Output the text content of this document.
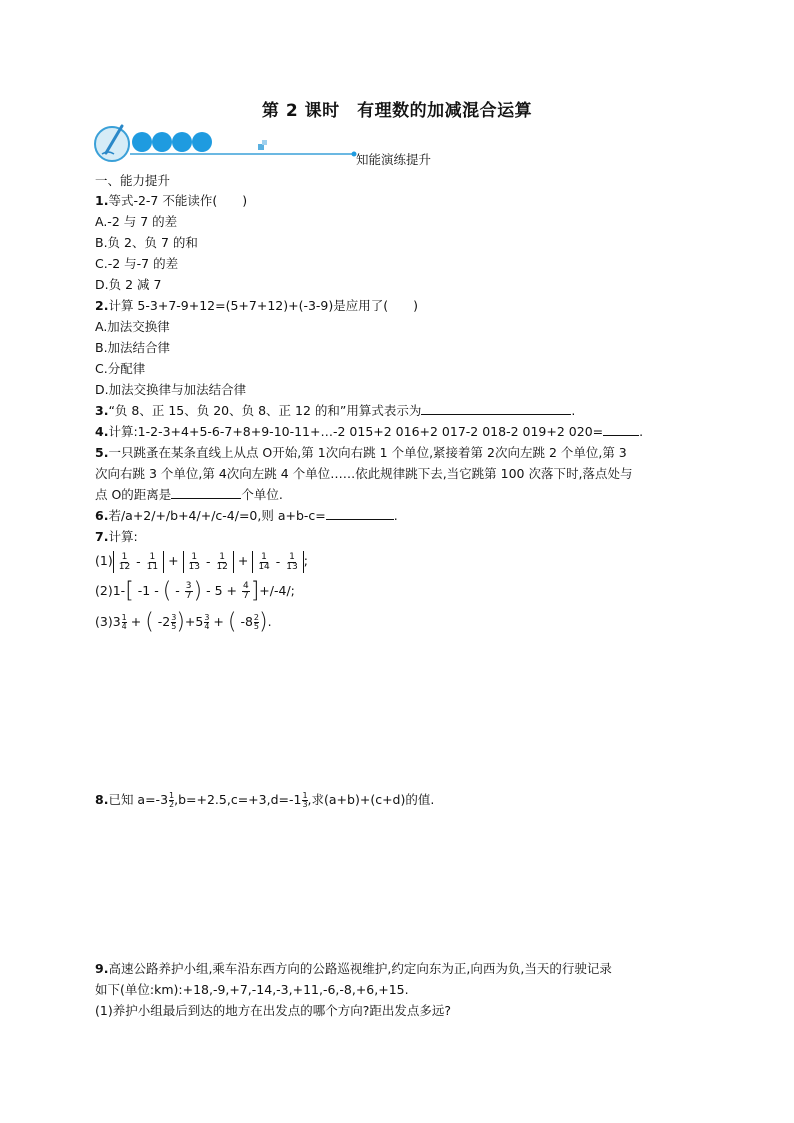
第 2 课时　有理数的加减混合运算
知能演练提升
一、能力提升
1.等式-2-7 不能读作(　　)
A.-2 与 7 的差
B.负 2、负 7 的和
C.-2 与-7 的差
D.负 2 减 7
2.计算 5-3+7-9+12=(5+7+12)+(-3-9)是应用了(　　)
A.加法交换律
B.加法结合律
C.分配律
D.加法交换律与加法结合律
3.“负 8、正 15、负 20、负 8、正 12 的和”用算式表示为	.
4.计算:1-2-3+4+5-6-7+8+9-10-11+…-2 015+2 016+2 017-2 018-2 019+2 020=	.
5.一只跳蚤在某条直线上从点 O开始,第 1次向右跳 1 个单位,紧接着第 2次向左跳 2 个单位,第 3
次向右跳 3 个单位,第 4次向左跳 4 个单位……依此规律跳下去,当它跳第 100 次落下时,落点处与
点 O的距离是	个单位.
6.若/a+2/+/b+4/+/c-4/=0,则 a+b-c=	.
7.计算:
$(1) \frac{1}{12} - \frac{1}{11} + \frac{1}{13} - \frac{1}{12} + \frac{1}{14} - \frac{1}{13}$ ;
(2)1-[ -1 - ( - $\frac{3}{7}$ ) - $5 + \frac{4}{7} ]+/-4/$;
$(3)3 \frac{1}{4}$ + ( $-2 \frac{3}{5} )+5 \frac{3}{4}$ + ( $-8 \frac{2}{5}$ ).
8.已知 $a=-3 \frac{1}{2} ,b=+2.5,c=+3,d=-1 \frac{1}{3}$ ,求(a+b)+(c+d)的值.
9.高速公路养护小组,乘车沿东西方向的公路巡视维护,约定向东为正,向西为负,当天的行驶记录
如下(单位:km):+18,-9,+7,-14,-3,+11,-6,-8,+6,+15.
(1)养护小组最后到达的地方在出发点的哪个方向?距出发点多远?
